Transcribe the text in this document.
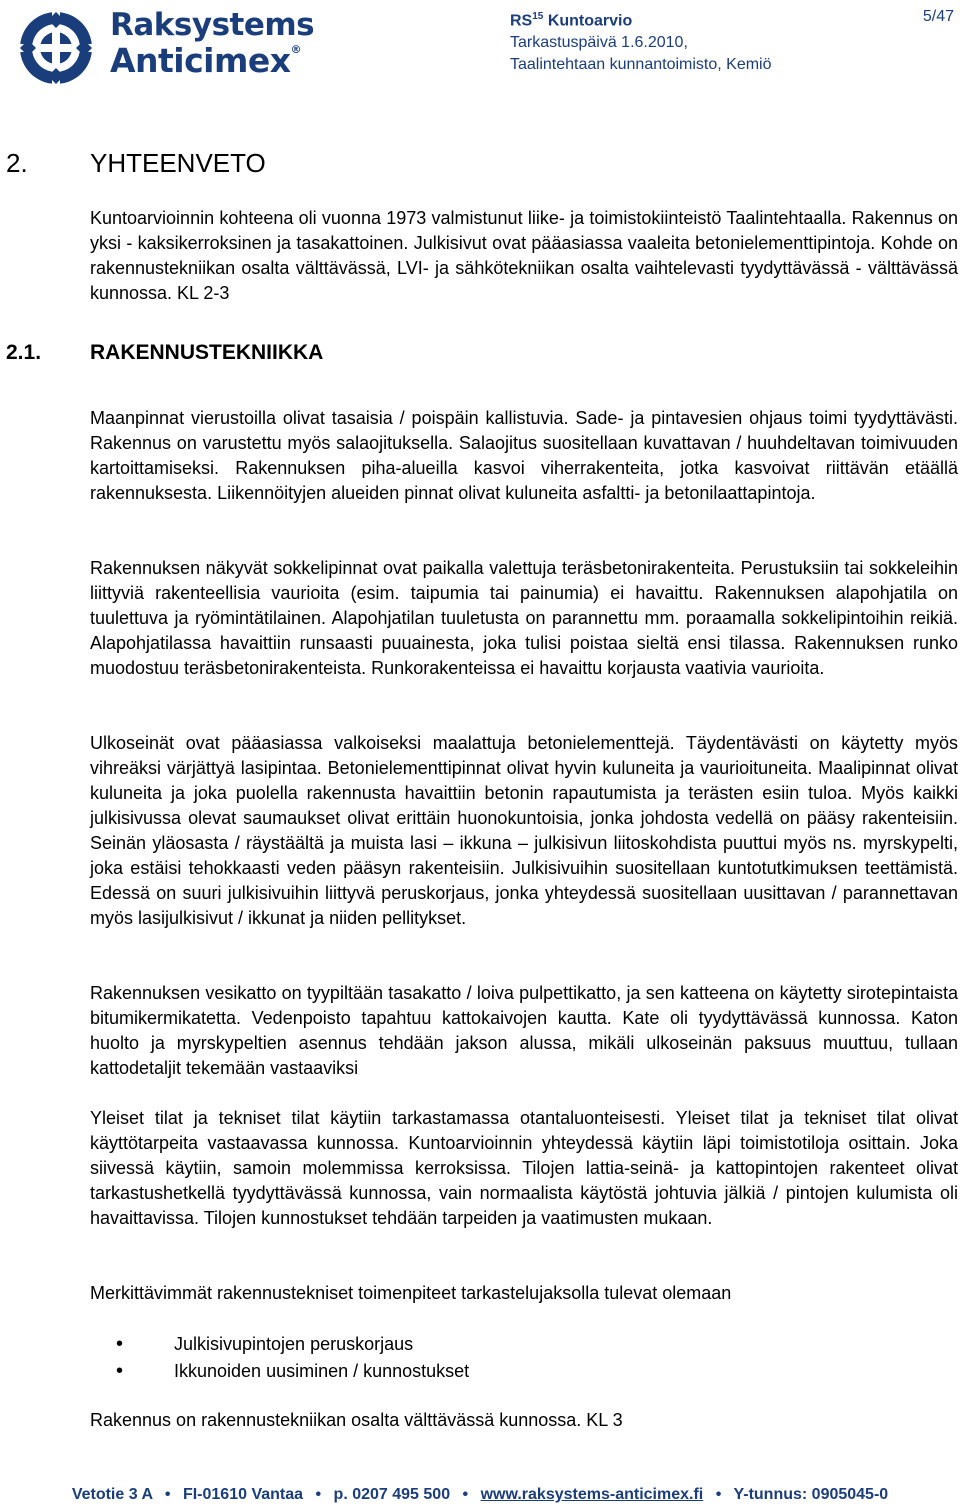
Raksystems
Anticimex®
RS$^{15}$ Kuntoarvio
Tarkastuspäivä 1.6.2010,
Taalintehtaan kunnantoimisto, Kemiö
5/47
2. YHTEENVETO

Kuntoarvioinnin kohteena oli vuonna 1973 valmistunut liike- ja toimistokiinteistö Taalintehtaalla. Rakennus on yksi - kaksikerroksinen ja tasakattoinen. Julkisivut ovat pääasiassa vaaleita betonielementtipintoja. Kohde on rakennustekniikan osalta välttävässä, LVI- ja sähkötekniikan osalta vaihtelevasti tyydyttävässä - välttävässä kunnossa. KL 2-3

2.1. RAKENNUSTEKNIIKKA

Maanpinnat vierustoilla olivat tasaisia / poispäin kallistuvia. Sade- ja pintavesien ohjaus toimi tyydyttävästi. Rakennus on varustettu myös salaojituksella. Salaojitus suositellaan kuvattavan / huuhdeltavan toimivuuden kartoittamiseksi. Rakennuksen piha-alueilla kasvoi viherrakenteita, jotka kasvoivat riittävän etäällä rakennuksesta. Liikennöityjen alueiden pinnat olivat kuluneita asfaltti- ja betonilaattapintoja.

Rakennuksen näkyvät sokkelipinnat ovat paikalla valettuja teräsbetonirakenteita. Perustuksiin tai sokkeleihin liittyviä rakenteellisia vaurioita (esim. taipumia tai painumia) ei havaittu. Rakennuksen alapohjatila on tuulettuva ja ryömintätilainen. Alapohjatilan tuuletusta on parannettu mm. poraamalla sokkelipintoihin reikiä. Alapohjatilassa havaittiin runsaasti puuainesta, joka tulisi poistaa sieltä ensi tilassa. Rakennuksen runko muodostuu teräsbetonirakenteista. Runkorakenteissa ei havaittu korjausta vaativia vaurioita.

Ulkoseinät ovat pääasiassa valkoiseksi maalattuja betonielementtejä. Täydentävästi on käytetty myös vihreäksi värjättyä lasipintaa. Betonielementtipinnat olivat hyvin kuluneita ja vaurioituneita. Maalipinnat olivat kuluneita ja joka puolella rakennusta havaittiin betonin rapautumista ja terästen esiin tuloa. Myös kaikki julkisivussa olevat saumaukset olivat erittäin huonokuntoisia, jonka johdosta vedellä on pääsy rakenteisiin. Seinän yläosasta / räystäältä ja muista lasi – ikkuna – julkisivun liitoskohdista puuttui myös ns. myrskypelti, joka estäisi tehokkaasti veden pääsyn rakenteisiin. Julkisivuihin suositellaan kuntotutkimuksen teettämistä. Edessä on suuri julkisivuihin liittyvä peruskorjaus, jonka yhteydessä suositellaan uusittavan / parannettavan myös lasijulkisivut / ikkunat ja niiden pellitykset.

Rakennuksen vesikatto on tyypiltään tasakatto / loiva pulpettikatto, ja sen katteena on käytetty sirotepintaista bitumikermikatetta. Vedenpoisto tapahtuu kattokaivojen kautta. Kate oli tyydyttävässä kunnossa. Katon huolto ja myrskypeltien asennus tehdään jakson alussa, mikäli ulkoseinän paksuus muuttuu, tullaan kattodetaljit tekemään vastaaviksi

Yleiset tilat ja tekniset tilat käytiin tarkastamassa otantaluonteisesti. Yleiset tilat ja tekniset tilat olivat käyttötarpeita vastaavassa kunnossa. Kuntoarvioinnin yhteydessä käytiin läpi toimistotiloja osittain. Joka siivessä käytiin, samoin molemmissa kerroksissa. Tilojen lattia-seinä- ja kattopintojen rakenteet olivat tarkastushetkellä tyydyttävässä kunnossa, vain normaalista käytöstä johtuvia jälkiä / pintojen kulumista oli havaittavissa. Tilojen kunnostukset tehdään tarpeiden ja vaatimusten mukaan.

Merkittävimmät rakennustekniset toimenpiteet tarkastelujaksolla tulevat olemaan

• Julkisivupintojen peruskorjaus
• Ikkunoiden uusiminen / kunnostukset

Rakennus on rakennustekniikan osalta välttävässä kunnossa. KL 3

Vetotie 3 A • FI-01610 Vantaa • p. 0207 495 500 • www.raksystems-anticimex.fi • Y-tunnus: 0905045-0
